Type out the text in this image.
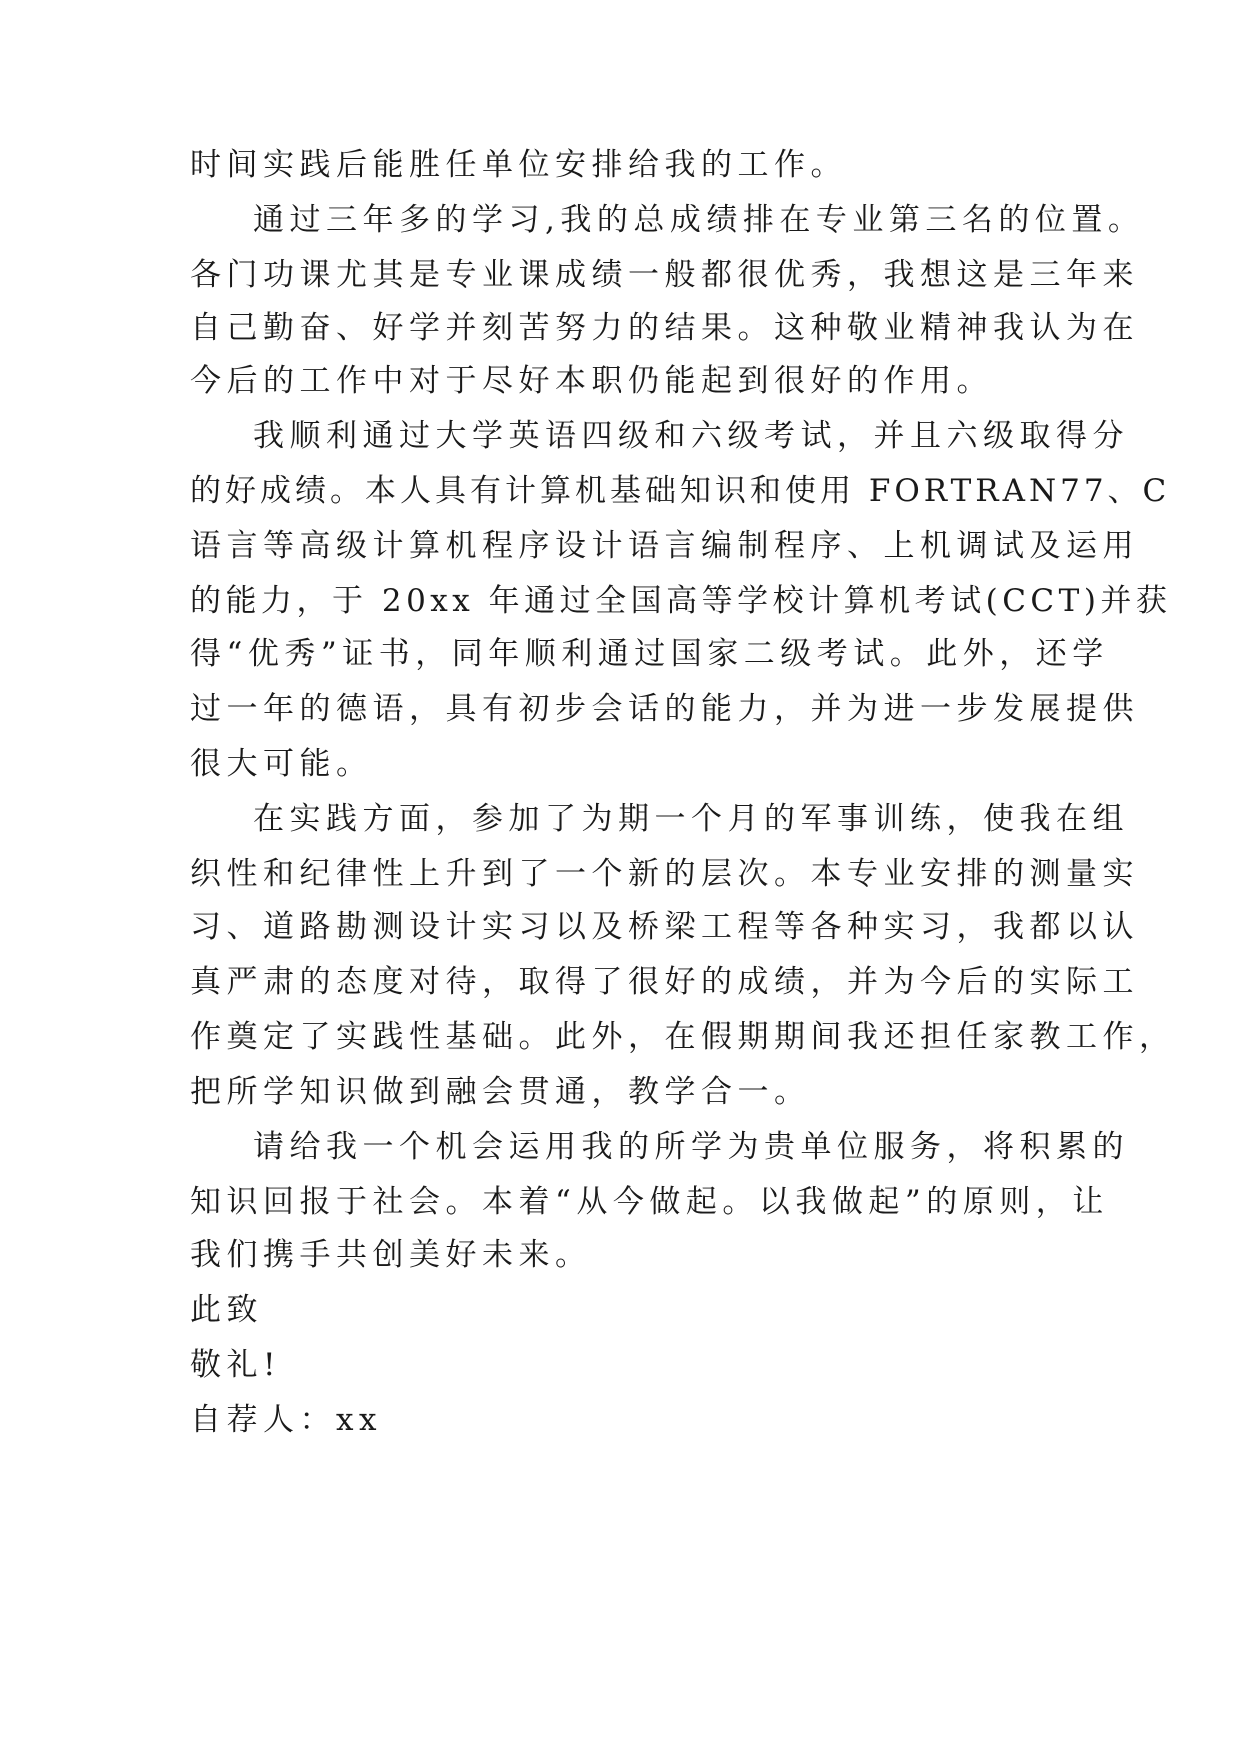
时间实践后能胜任单位安排给我的工作。
通过三年多的学习,我的总成绩排在专业第三名的位置。
各门功课尤其是专业课成绩一般都很优秀，我想这是三年来
自己勤奋、好学并刻苦努力的结果。这种敬业精神我认为在
今后的工作中对于尽好本职仍能起到很好的作用。
我顺利通过大学英语四级和六级考试，并且六级取得分
的好成绩。本人具有计算机基础知识和使用 FORTRAN77、C
语言等高级计算机程序设计语言编制程序、上机调试及运用
的能力，于 20xx 年通过全国高等学校计算机考试(CCT)并获
得“优秀”证书，同年顺利通过国家二级考试。此外，还学
过一年的德语，具有初步会话的能力，并为进一步发展提供
很大可能。
在实践方面，参加了为期一个月的军事训练，使我在组
织性和纪律性上升到了一个新的层次。本专业安排的测量实
习、道路勘测设计实习以及桥梁工程等各种实习，我都以认
真严肃的态度对待，取得了很好的成绩，并为今后的实际工
作奠定了实践性基础。此外，在假期期间我还担任家教工作，
把所学知识做到融会贯通，教学合一。
请给我一个机会运用我的所学为贵单位服务，将积累的
知识回报于社会。本着“从今做起。以我做起”的原则，让
我们携手共创美好未来。
此致
敬礼!
自荐人：xx
